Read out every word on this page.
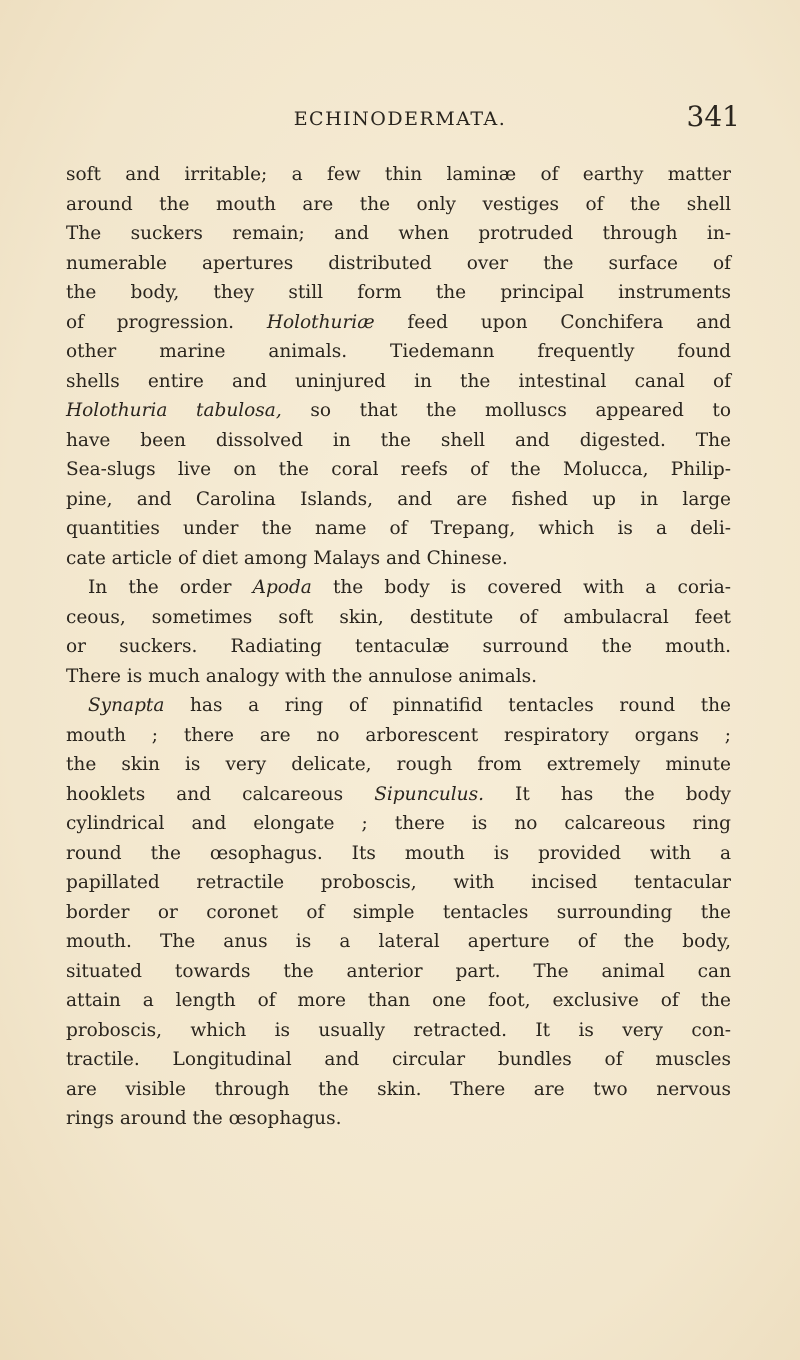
ECHINODERMATA.	341
soft and irritable; a few thin laminæ of earthy matter
around the mouth are the only vestiges of the shell
The suckers remain; and when protruded through in-
numerable apertures distributed over the surface of
the body, they still form the principal instruments
of progression. Holothuriæ feed upon Conchifera and
other marine animals. Tiedemann frequently found
shells entire and uninjured in the intestinal canal of
Holothuria tabulosa, so that the molluscs appeared to
have been dissolved in the shell and digested. The
Sea-slugs live on the coral reefs of the Molucca, Philip-
pine, and Carolina Islands, and are fished up in large
quantities under the name of Trepang, which is a deli-
cate article of diet among Malays and Chinese.
In the order Apoda the body is covered with a coria-
ceous, sometimes soft skin, destitute of ambulacral feet
or suckers. Radiating tentaculæ surround the mouth.
There is much analogy with the annulose animals.
Synapta has a ring of pinnatifid tentacles round the
mouth ; there are no arborescent respiratory organs ;
the skin is very delicate, rough from extremely minute
hooklets and calcareous Sipunculus. It has the body
cylindrical and elongate ; there is no calcareous ring
round the œsophagus. Its mouth is provided with a
papillated retractile proboscis, with incised tentacular
border or coronet of simple tentacles surrounding the
mouth. The anus is a lateral aperture of the body,
situated towards the anterior part. The animal can
attain a length of more than one foot, exclusive of the
proboscis, which is usually retracted. It is very con-
tractile. Longitudinal and circular bundles of muscles
are visible through the skin. There are two nervous
rings around the œsophagus.
